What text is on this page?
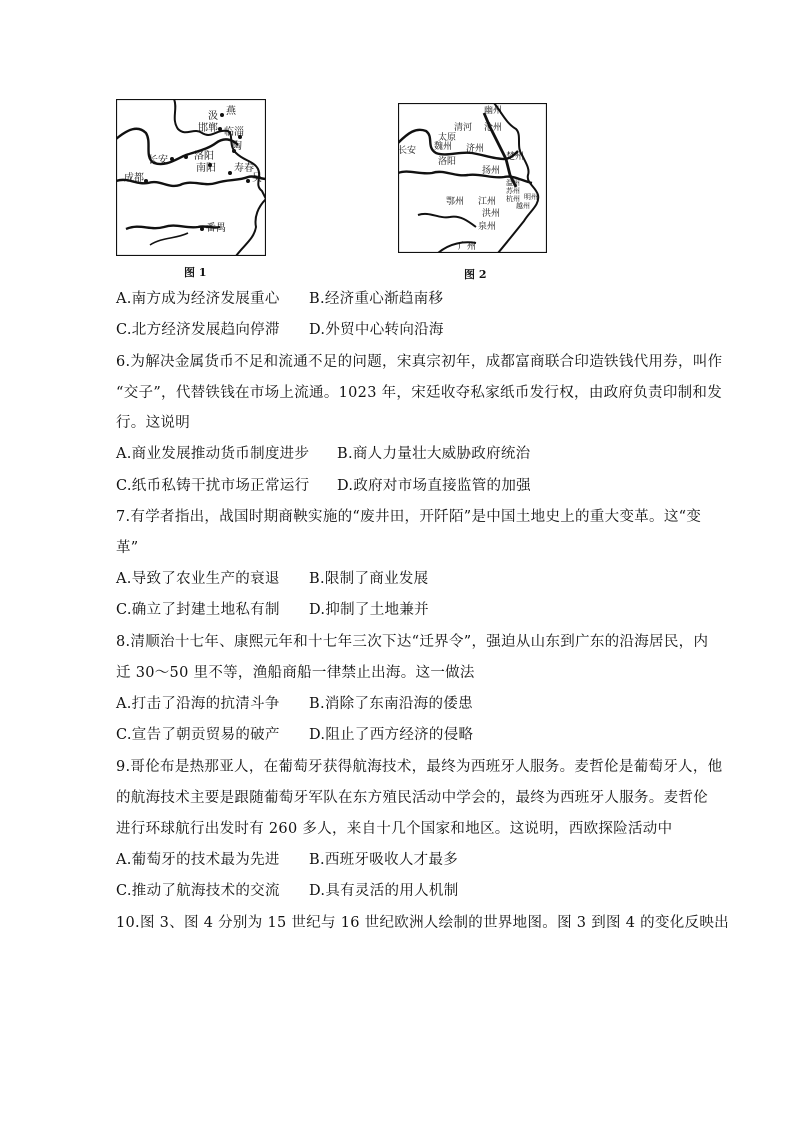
燕
汲
邯郸 临淄
陶
长安	洛阳
南阳 寿春
吴
成都
番禺
图 1
幽州
清河 沧州
太原
魏州 济州
长安
洛阳	楚州
扬州
温州
苏州
杭州 明州
越州
鄂州 江州
洪州
泉州
广州
图 2
A.南方成为经济发展重心 B.经济重心渐趋南移
C.北方经济发展趋向停滞 D.外贸中心转向沿海
6.为解决金属货币不足和流通不足的问题，宋真宗初年，成都富商联合印造铁钱代用券，叫作
“交子”，代替铁钱在市场上流通。1023 年，宋廷收夺私家纸币发行权，由政府负责印制和发
行。这说明
A.商业发展推动货币制度进步 B.商人力量壮大威胁政府统治
C.纸币私铸干扰市场正常运行 D.政府对市场直接监管的加强
7.有学者指出，战国时期商鞅实施的“废井田，开阡陌”是中国土地史上的重大变革。这“变
革”
A.导致了农业生产的衰退 B.限制了商业发展
C.确立了封建土地私有制 D.抑制了土地兼并
8.清顺治十七年、康熙元年和十七年三次下达“迁界令”，强迫从山东到广东的沿海居民，内
迁 30～50 里不等，渔船商船一律禁止出海。这一做法
A.打击了沿海的抗清斗争 B.消除了东南沿海的倭患
C.宣告了朝贡贸易的破产 D.阻止了西方经济的侵略
9.哥伦布是热那亚人，在葡萄牙获得航海技术，最终为西班牙人服务。麦哲伦是葡萄牙人，他
的航海技术主要是跟随葡萄牙军队在东方殖民活动中学会的，最终为西班牙人服务。麦哲伦
进行环球航行出发时有 260 多人，来自十几个国家和地区。这说明，西欧探险活动中
A.葡萄牙的技术最为先进 B.西班牙吸收人才最多
C.推动了航海技术的交流 D.具有灵活的用人机制
10.图 3、图 4 分别为 15 世纪与 16 世纪欧洲人绘制的世界地图。图 3 到图 4 的变化反映出
